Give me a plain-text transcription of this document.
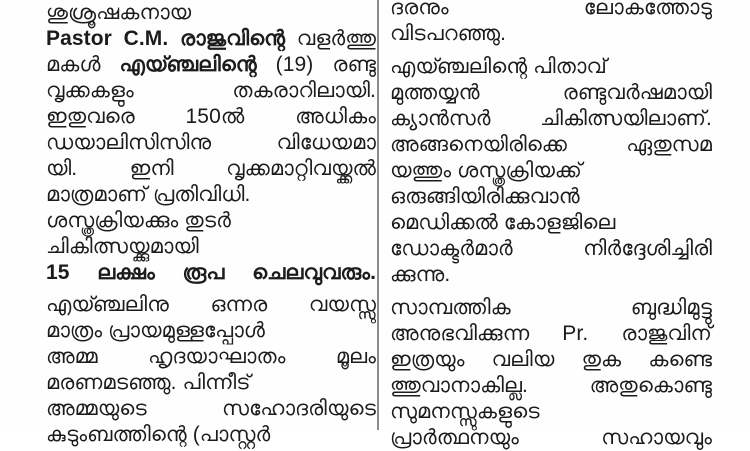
ശുശ്രൂഷകനായ
Pastor C.M. രാജുവിന്റെ വളർത്തു
മകൾ എയ്ഞ്ചലിന്റെ (19) രണ്ടു
വൃക്കകളും തകരാറിലായി.
ഇതുവരെ 150ൽ അധികം
ഡയാലിസിസിനു വിധേയമാ
യി. ഇനി വൃക്കമാറ്റിവയ്ക്കൽ
മാത്രമാണ് പ്രതിവിധി.
ശസ്ത്രക്രിയക്കും തുടർ
ചികിത്സയ്ക്കുമായി
15 ലക്ഷം രൂപ ചെലവുവരും.
എയ്ഞ്ചലിനു ഒന്നര വയസ്സു
മാത്രം പ്രായമുള്ളപ്പോൾ
അമ്മ ഹൃദയാഘാതം മൂലം
മരണമടഞ്ഞു. പിന്നീട്
അമ്മയുടെ സഹോദരിയുടെ
കുടുംബത്തിന്റെ (പാസ്റ്റർ
ദരനും ലോകത്തോടു
വിടപറഞ്ഞു.
എയ്ഞ്ചലിന്റെ പിതാവ്
മുത്തയ്യൻ രണ്ടുവർഷമായി
ക്യാൻസർ ചികിത്സയിലാണ്.
അങ്ങനെയിരിക്കെ ഏതുസമ
യത്തും ശസ്ത്രക്രിയക്ക്
ഒരുങ്ങിയിരിക്കുവാൻ
മെഡിക്കൽ കോളജിലെ
ഡോക്ടർമാർ നിർദ്ദേശിച്ചിരി
ക്കുന്നു.
സാമ്പത്തിക ബുദ്ധിമുട്ടു
അനുഭവിക്കുന്ന Pr. രാജുവിന്
ഇത്രയും വലിയ തുക കണ്ടെ
ത്തുവാനാകില്ല. അതുകൊണ്ടു
സുമനസ്സുകളുടെ
പ്രാർത്ഥനയും സഹായവും
